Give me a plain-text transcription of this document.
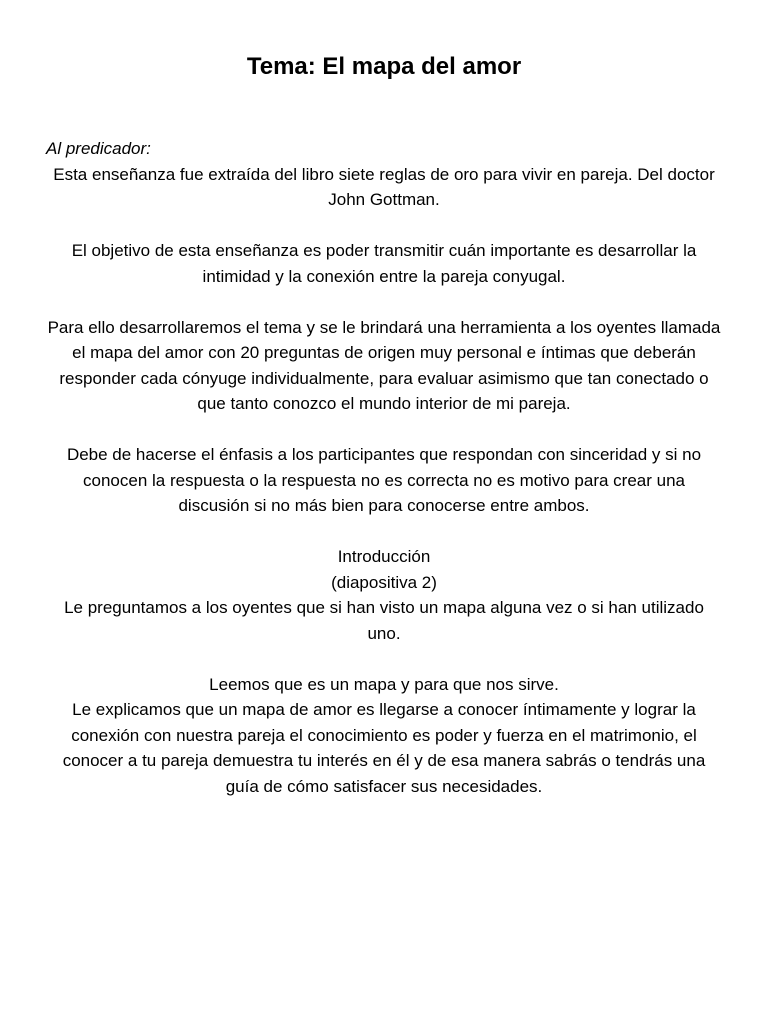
Tema: El mapa del amor

Al predicador:

Esta enseñanza fue extraída del libro siete reglas de oro para vivir en pareja. Del doctor John Gottman.

El objetivo de esta enseñanza es poder transmitir cuán importante es desarrollar la intimidad y la conexión entre la pareja conyugal.

Para ello desarrollaremos el tema y se le brindará una herramienta a los oyentes llamada el mapa del amor con 20 preguntas de origen muy personal e íntimas que deberán responder cada cónyuge individualmente, para evaluar asimismo que tan conectado o que tanto conozco el mundo interior de mi pareja.

Debe de hacerse el énfasis a los participantes que respondan con sinceridad y si no conocen la respuesta o la respuesta no es correcta no es motivo para crear una discusión si no más bien para conocerse entre ambos.

Introducción

(diapositiva 2)

Le preguntamos a los oyentes que si han visto un mapa alguna vez o si han utilizado uno.

Leemos que es un mapa y para que nos sirve.

Le explicamos que un mapa de amor es llegarse a conocer íntimamente y lograr la conexión con nuestra pareja el conocimiento es poder y fuerza en el matrimonio, el conocer a tu pareja demuestra tu interés en él y de esa manera sabrás o tendrás una guía de cómo satisfacer sus necesidades.
